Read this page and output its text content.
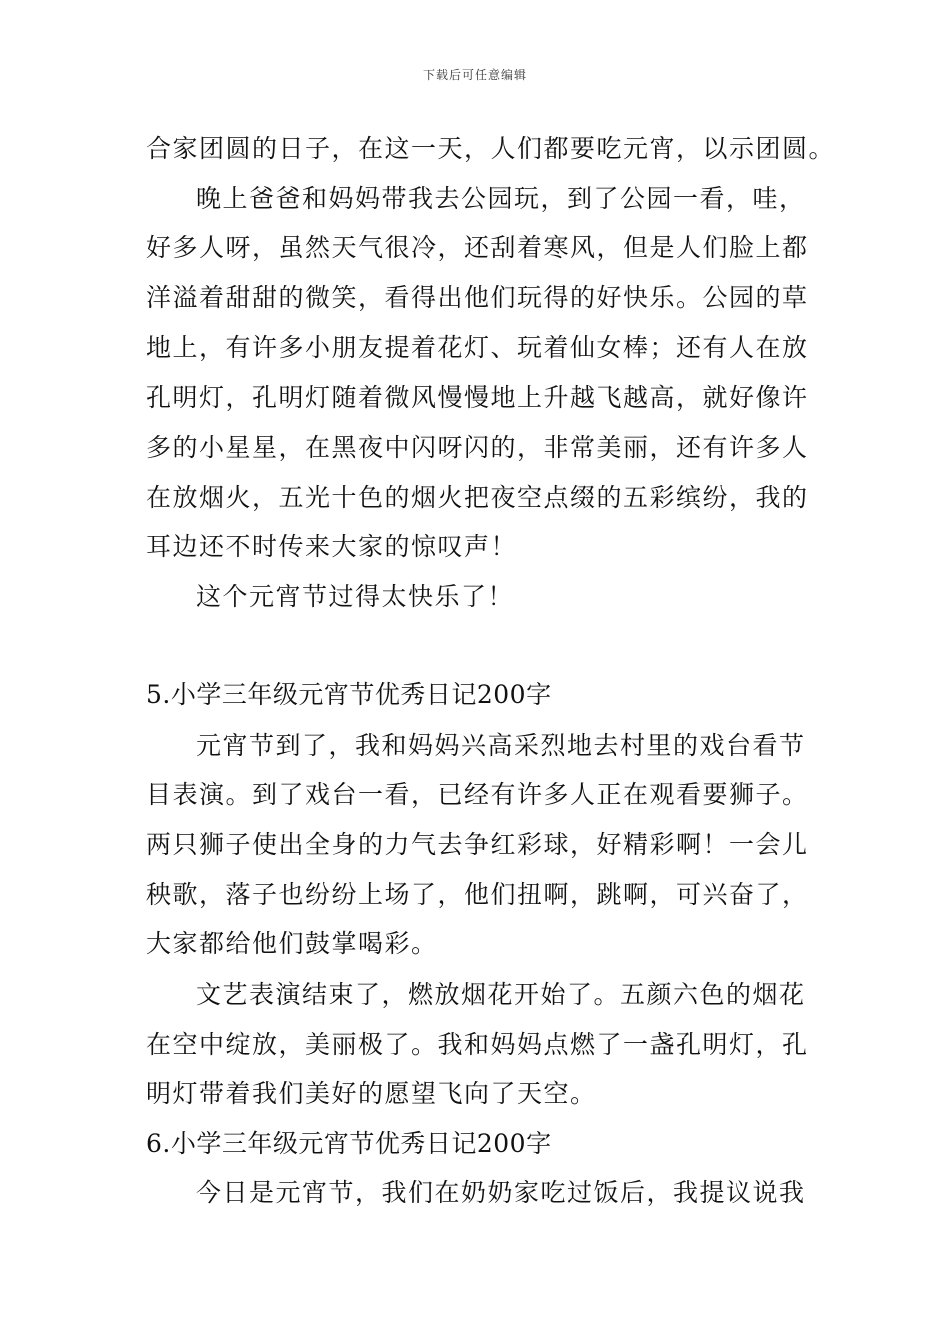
下载后可任意编辑
合家团圆的日子，在这一天，人们都要吃元宵，以示团圆。
晚上爸爸和妈妈带我去公园玩，到了公园一看，哇，
好多人呀，虽然天气很冷，还刮着寒风，但是人们脸上都
洋溢着甜甜的微笑，看得出他们玩得的好快乐。公园的草
地上，有许多小朋友提着花灯、玩着仙女棒；还有人在放
孔明灯，孔明灯随着微风慢慢地上升越飞越高，就好像许
多的小星星，在黑夜中闪呀闪的，非常美丽，还有许多人
在放烟火，五光十色的烟火把夜空点缀的五彩缤纷，我的
耳边还不时传来大家的惊叹声！
这个元宵节过得太快乐了！
5.小学三年级元宵节优秀日记200字
元宵节到了，我和妈妈兴高采烈地去村里的戏台看节
目表演。到了戏台一看，已经有许多人正在观看要狮子。
两只狮子使出全身的力气去争红彩球，好精彩啊！一会儿
秧歌，落子也纷纷上场了，他们扭啊，跳啊，可兴奋了，
大家都给他们鼓掌喝彩。
文艺表演结束了，燃放烟花开始了。五颜六色的烟花
在空中绽放，美丽极了。我和妈妈点燃了一盏孔明灯，孔
明灯带着我们美好的愿望飞向了天空。
6.小学三年级元宵节优秀日记200字
今日是元宵节，我们在奶奶家吃过饭后，我提议说我
